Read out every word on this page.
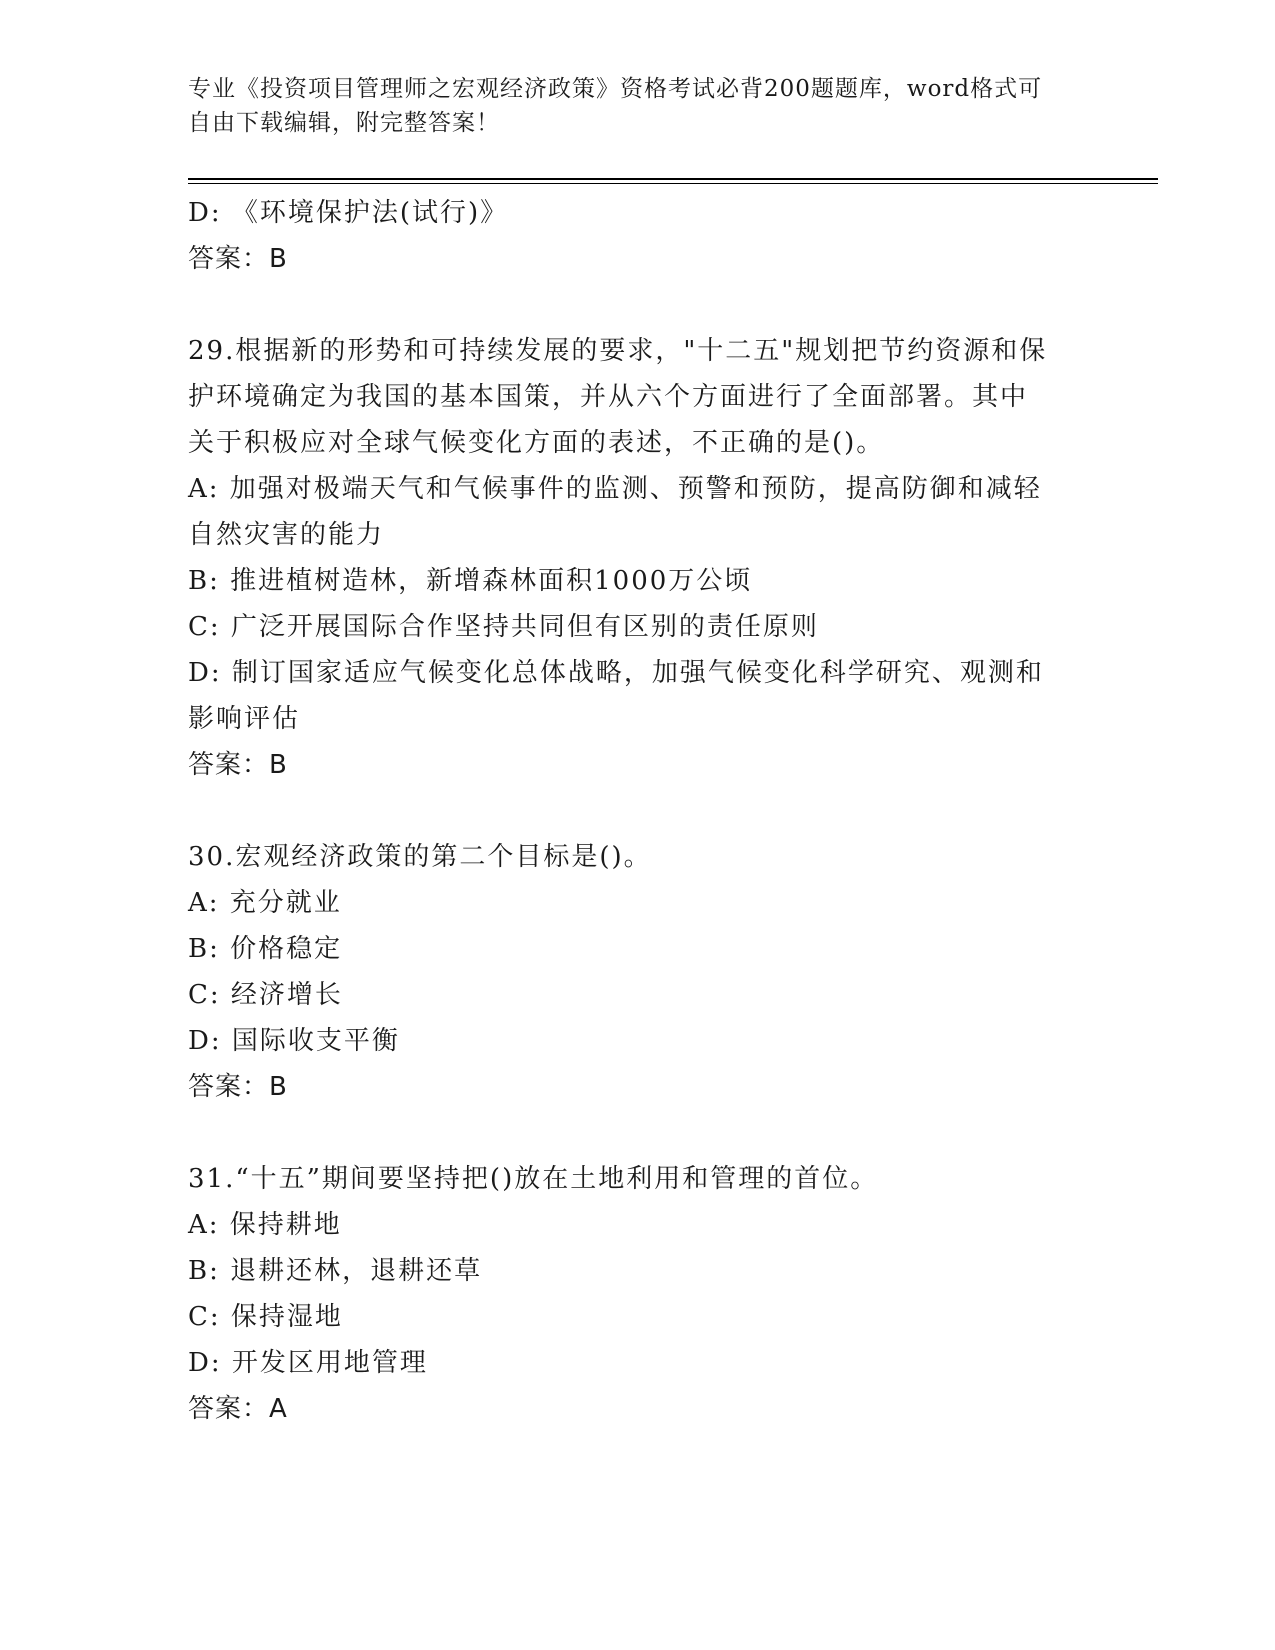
专业《投资项目管理师之宏观经济政策》资格考试必背200题题库，word格式可
自由下载编辑，附完整答案！
D: 《环境保护法(试行)》
答案：B
29.根据新的形势和可持续发展的要求，"十二五"规划把节约资源和保
护环境确定为我国的基本国策，并从六个方面进行了全面部署。其中
关于积极应对全球气候变化方面的表述，不正确的是()。
A: 加强对极端天气和气候事件的监测、预警和预防，提高防御和减轻
自然灾害的能力
B: 推进植树造林，新增森林面积1000万公顷
C: 广泛开展国际合作坚持共同但有区别的责任原则
D: 制订国家适应气候变化总体战略，加强气候变化科学研究、观测和
影响评估
答案：B
30.宏观经济政策的第二个目标是()。
A: 充分就业
B: 价格稳定
C: 经济增长
D: 国际收支平衡
答案：B
31.“十五”期间要坚持把()放在土地利用和管理的首位。
A: 保持耕地
B: 退耕还林，退耕还草
C: 保持湿地
D: 开发区用地管理
答案：A
